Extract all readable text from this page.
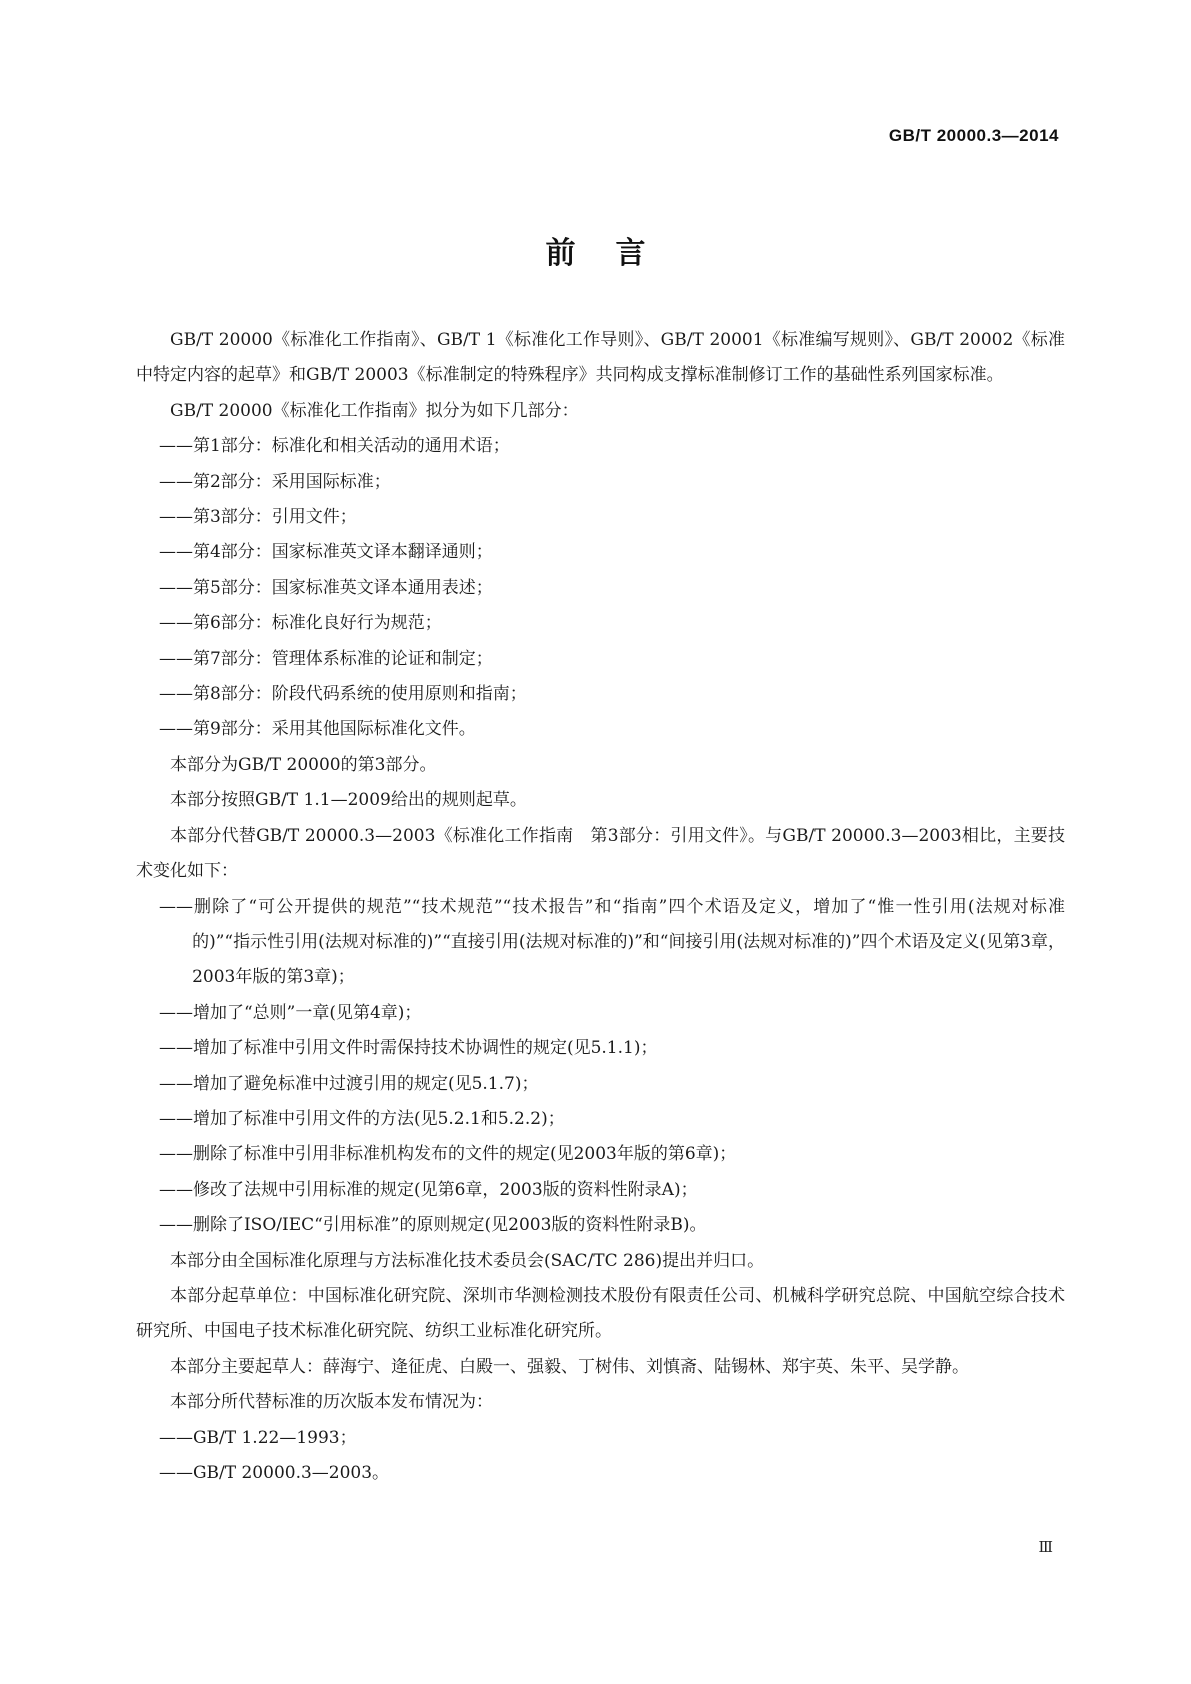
GB/T 20000.3—2014
前言

GB/T 20000《标准化工作指南》、GB/T 1《标准化工作导则》、GB/T 20001《标准编写规则》、GB/T 20002《标准中特定内容的起草》和GB/T 20003《标准制定的特殊程序》共同构成支撑标准制修订工作的基础性系列国家标准。

GB/T 20000《标准化工作指南》拟分为如下几部分：

——第1部分：标准化和相关活动的通用术语；
——第2部分：采用国际标准；
——第3部分：引用文件；
——第4部分：国家标准英文译本翻译通则；
——第5部分：国家标准英文译本通用表述；
——第6部分：标准化良好行为规范；
——第7部分：管理体系标准的论证和制定；
——第8部分：阶段代码系统的使用原则和指南；
——第9部分：采用其他国际标准化文件。

本部分为GB/T 20000的第3部分。

本部分按照GB/T 1.1—2009给出的规则起草。

本部分代替GB/T 20000.3—2003《标准化工作指南　第3部分：引用文件》。与GB/T 20000.3—2003相比，主要技术变化如下：

——删除了“可公开提供的规范”“技术规范”“技术报告”和“指南”四个术语及定义，增加了“惟一性引用(法规对标准的)”“指示性引用(法规对标准的)”“直接引用(法规对标准的)”和“间接引用(法规对标准的)”四个术语及定义(见第3章，2003年版的第3章)；
——增加了“总则”一章(见第4章)；
——增加了标准中引用文件时需保持技术协调性的规定(见5.1.1)；
——增加了避免标准中过渡引用的规定(见5.1.7)；
——增加了标准中引用文件的方法(见5.2.1和5.2.2)；
——删除了标准中引用非标准机构发布的文件的规定(见2003年版的第6章)；
——修改了法规中引用标准的规定(见第6章，2003版的资料性附录A)；
——删除了ISO/IEC“引用标准”的原则规定(见2003版的资料性附录B)。

本部分由全国标准化原理与方法标准化技术委员会(SAC/TC 286)提出并归口。

本部分起草单位：中国标准化研究院、深圳市华测检测技术股份有限责任公司、机械科学研究总院、中国航空综合技术研究所、中国电子技术标准化研究院、纺织工业标准化研究所。

本部分主要起草人：薛海宁、逄征虎、白殿一、强毅、丁树伟、刘慎斋、陆锡林、郑宇英、朱平、吴学静。

本部分所代替标准的历次版本发布情况为：

——GB/T 1.22—1993；
——GB/T 20000.3—2003。
Ⅲ
